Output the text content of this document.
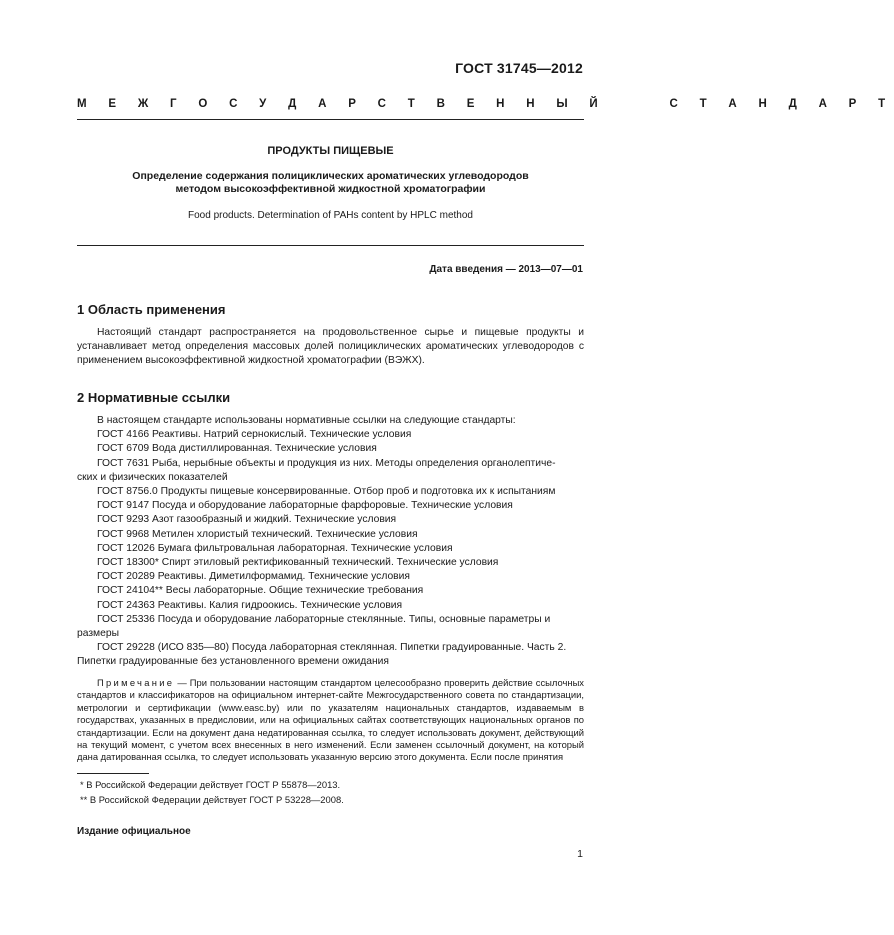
ГОСТ 31745—2012
М Е Ж Г О С У Д А Р С Т В Е Н Н Ы Й     С Т А Н Д А Р Т
ПРОДУКТЫ ПИЩЕВЫЕ
Определение содержания полициклических ароматических углеводородов
методом высокоэффективной жидкостной хроматографии
Food products. Determination of PAHs content by HPLC method
Дата введения — 2013—07—01
1 Область применения
Настоящий стандарт распространяется на продовольственное сырье и пищевые продукты и устанавливает метод определения массовых долей полициклических ароматических углеводородов с применением высокоэффективной жидкостной хроматографии (ВЭЖХ).
2 Нормативные ссылки
В настоящем стандарте использованы нормативные ссылки на следующие стандарты:
ГОСТ 4166 Реактивы. Натрий сернокислый. Технические условия
ГОСТ 6709 Вода дистиллированная. Технические условия
ГОСТ 7631 Рыба, нерыбные объекты и продукция из них. Методы определения органолептиче-
ских и физических показателей
ГОСТ 8756.0 Продукты пищевые консервированные. Отбор проб и подготовка их к испытаниям
ГОСТ 9147 Посуда и оборудование лабораторные фарфоровые. Технические условия
ГОСТ 9293 Азот газообразный и жидкий. Технические условия
ГОСТ 9968 Метилен хлористый технический. Технические условия
ГОСТ 12026 Бумага фильтровальная лабораторная. Технические условия
ГОСТ 18300* Спирт этиловый ректификованный технический. Технические условия
ГОСТ 20289 Реактивы. Диметилформамид. Технические условия
ГОСТ 24104** Весы лабораторные. Общие технические требования
ГОСТ 24363 Реактивы. Калия гидроокись. Технические условия
ГОСТ 25336 Посуда и оборудование лабораторные стеклянные. Типы, основные параметры и
размеры
ГОСТ 29228 (ИСО 835—80) Посуда лабораторная стеклянная. Пипетки градуированные. Часть 2.
Пипетки градуированные без установленного времени ожидания
Примечание — При пользовании настоящим стандартом целесообразно проверить действие ссылочных стандартов и классификаторов на официальном интернет-сайте Межгосударственного совета по стандартизации, метрологии и сертификации (www.easc.by) или по указателям национальных стандартов, издаваемым в государствах, указанных в предисловии, или на официальных сайтах соответствующих национальных органов по стандартизации. Если на документ дана недатированная ссылка, то следует использовать документ, действующий на текущий момент, с учетом всех внесенных в него изменений. Если заменен ссылочный документ, на который дана датированная ссылка, то следует использовать указанную версию этого документа. Если после принятия
* В Российской Федерации действует ГОСТ Р 55878—2013.
** В Российской Федерации действует ГОСТ Р 53228—2008.
Издание официальное
1
